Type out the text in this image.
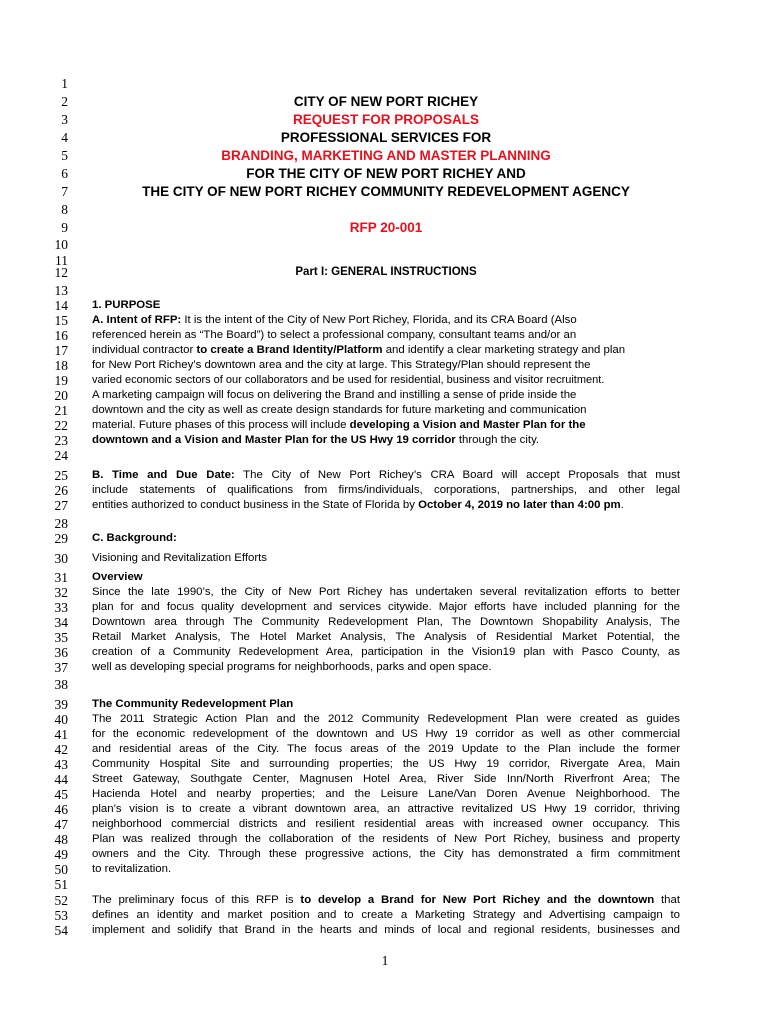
1
2
3
4
5
6
7
8
9
10
11
12
13
14
15
16
17
18
19
20
21
22
23
24
25
26
27
28
29
30
31
32
33
34
35
36
37
38
39
40
41
42
43
44
45
46
47
48
49
50
51
52
53
54
CITY OF NEW PORT RICHEY
REQUEST FOR PROPOSALS
PROFESSIONAL SERVICES FOR
BRANDING, MARKETING AND MASTER PLANNING
FOR THE CITY OF NEW PORT RICHEY AND
THE CITY OF NEW PORT RICHEY COMMUNITY REDEVELOPMENT AGENCY
RFP 20-001
Part I: GENERAL INSTRUCTIONS
1. PURPOSE
A. Intent of RFP: It is the intent of the City of New Port Richey, Florida, and its CRA Board (Also
referenced herein as “The Board”) to select a professional company, consultant teams and/or an
individual contractor to create a Brand Identity/Platform and identify a clear marketing strategy and plan
for New Port Richey’s downtown area and the city at large. This Strategy/Plan should represent the
varied economic sectors of our collaborators and be used for residential, business and visitor recruitment.
A marketing campaign will focus on delivering the Brand and instilling a sense of pride inside the
downtown and the city as well as create design standards for future marketing and communication
material. Future phases of this process will include developing a Vision and Master Plan for the
downtown and a Vision and Master Plan for the US Hwy 19 corridor through the city.
B. Time and Due Date: The City of New Port Richey’s CRA Board will accept Proposals that must
include statements of qualifications from firms/individuals, corporations, partnerships, and other legal
entities authorized to conduct business in the State of Florida by October 4, 2019 no later than 4:00 pm.
C. Background:
Visioning and Revitalization Efforts
Overview
Since the late 1990’s, the City of New Port Richey has undertaken several revitalization efforts to better
plan for and focus quality development and services citywide. Major efforts have included planning for the
Downtown area through The Community Redevelopment Plan, The Downtown Shopability Analysis, The
Retail Market Analysis, The Hotel Market Analysis, The Analysis of Residential Market Potential, the
creation of a Community Redevelopment Area, participation in the Vision19 plan with Pasco County, as
well as developing special programs for neighborhoods, parks and open space.
The Community Redevelopment Plan
The 2011 Strategic Action Plan and the 2012 Community Redevelopment Plan were created as guides
for the economic redevelopment of the downtown and US Hwy 19 corridor as well as other commercial
and residential areas of the City. The focus areas of the 2019 Update to the Plan include the former
Community Hospital Site and surrounding properties; the US Hwy 19 corridor, Rivergate Area, Main
Street Gateway, Southgate Center, Magnusen Hotel Area, River Side Inn/North Riverfront Area; The
Hacienda Hotel and nearby properties; and the Leisure Lane/Van Doren Avenue Neighborhood. The
plan’s vision is to create a vibrant downtown area, an attractive revitalized US Hwy 19 corridor, thriving
neighborhood commercial districts and resilient residential areas with increased owner occupancy. This
Plan was realized through the collaboration of the residents of New Port Richey, business and property
owners and the City. Through these progressive actions, the City has demonstrated a firm commitment
to revitalization.
The preliminary focus of this RFP is to develop a Brand for New Port Richey and the downtown that
defines an identity and market position and to create a Marketing Strategy and Advertising campaign to
implement and solidify that Brand in the hearts and minds of local and regional residents, businesses and
1
